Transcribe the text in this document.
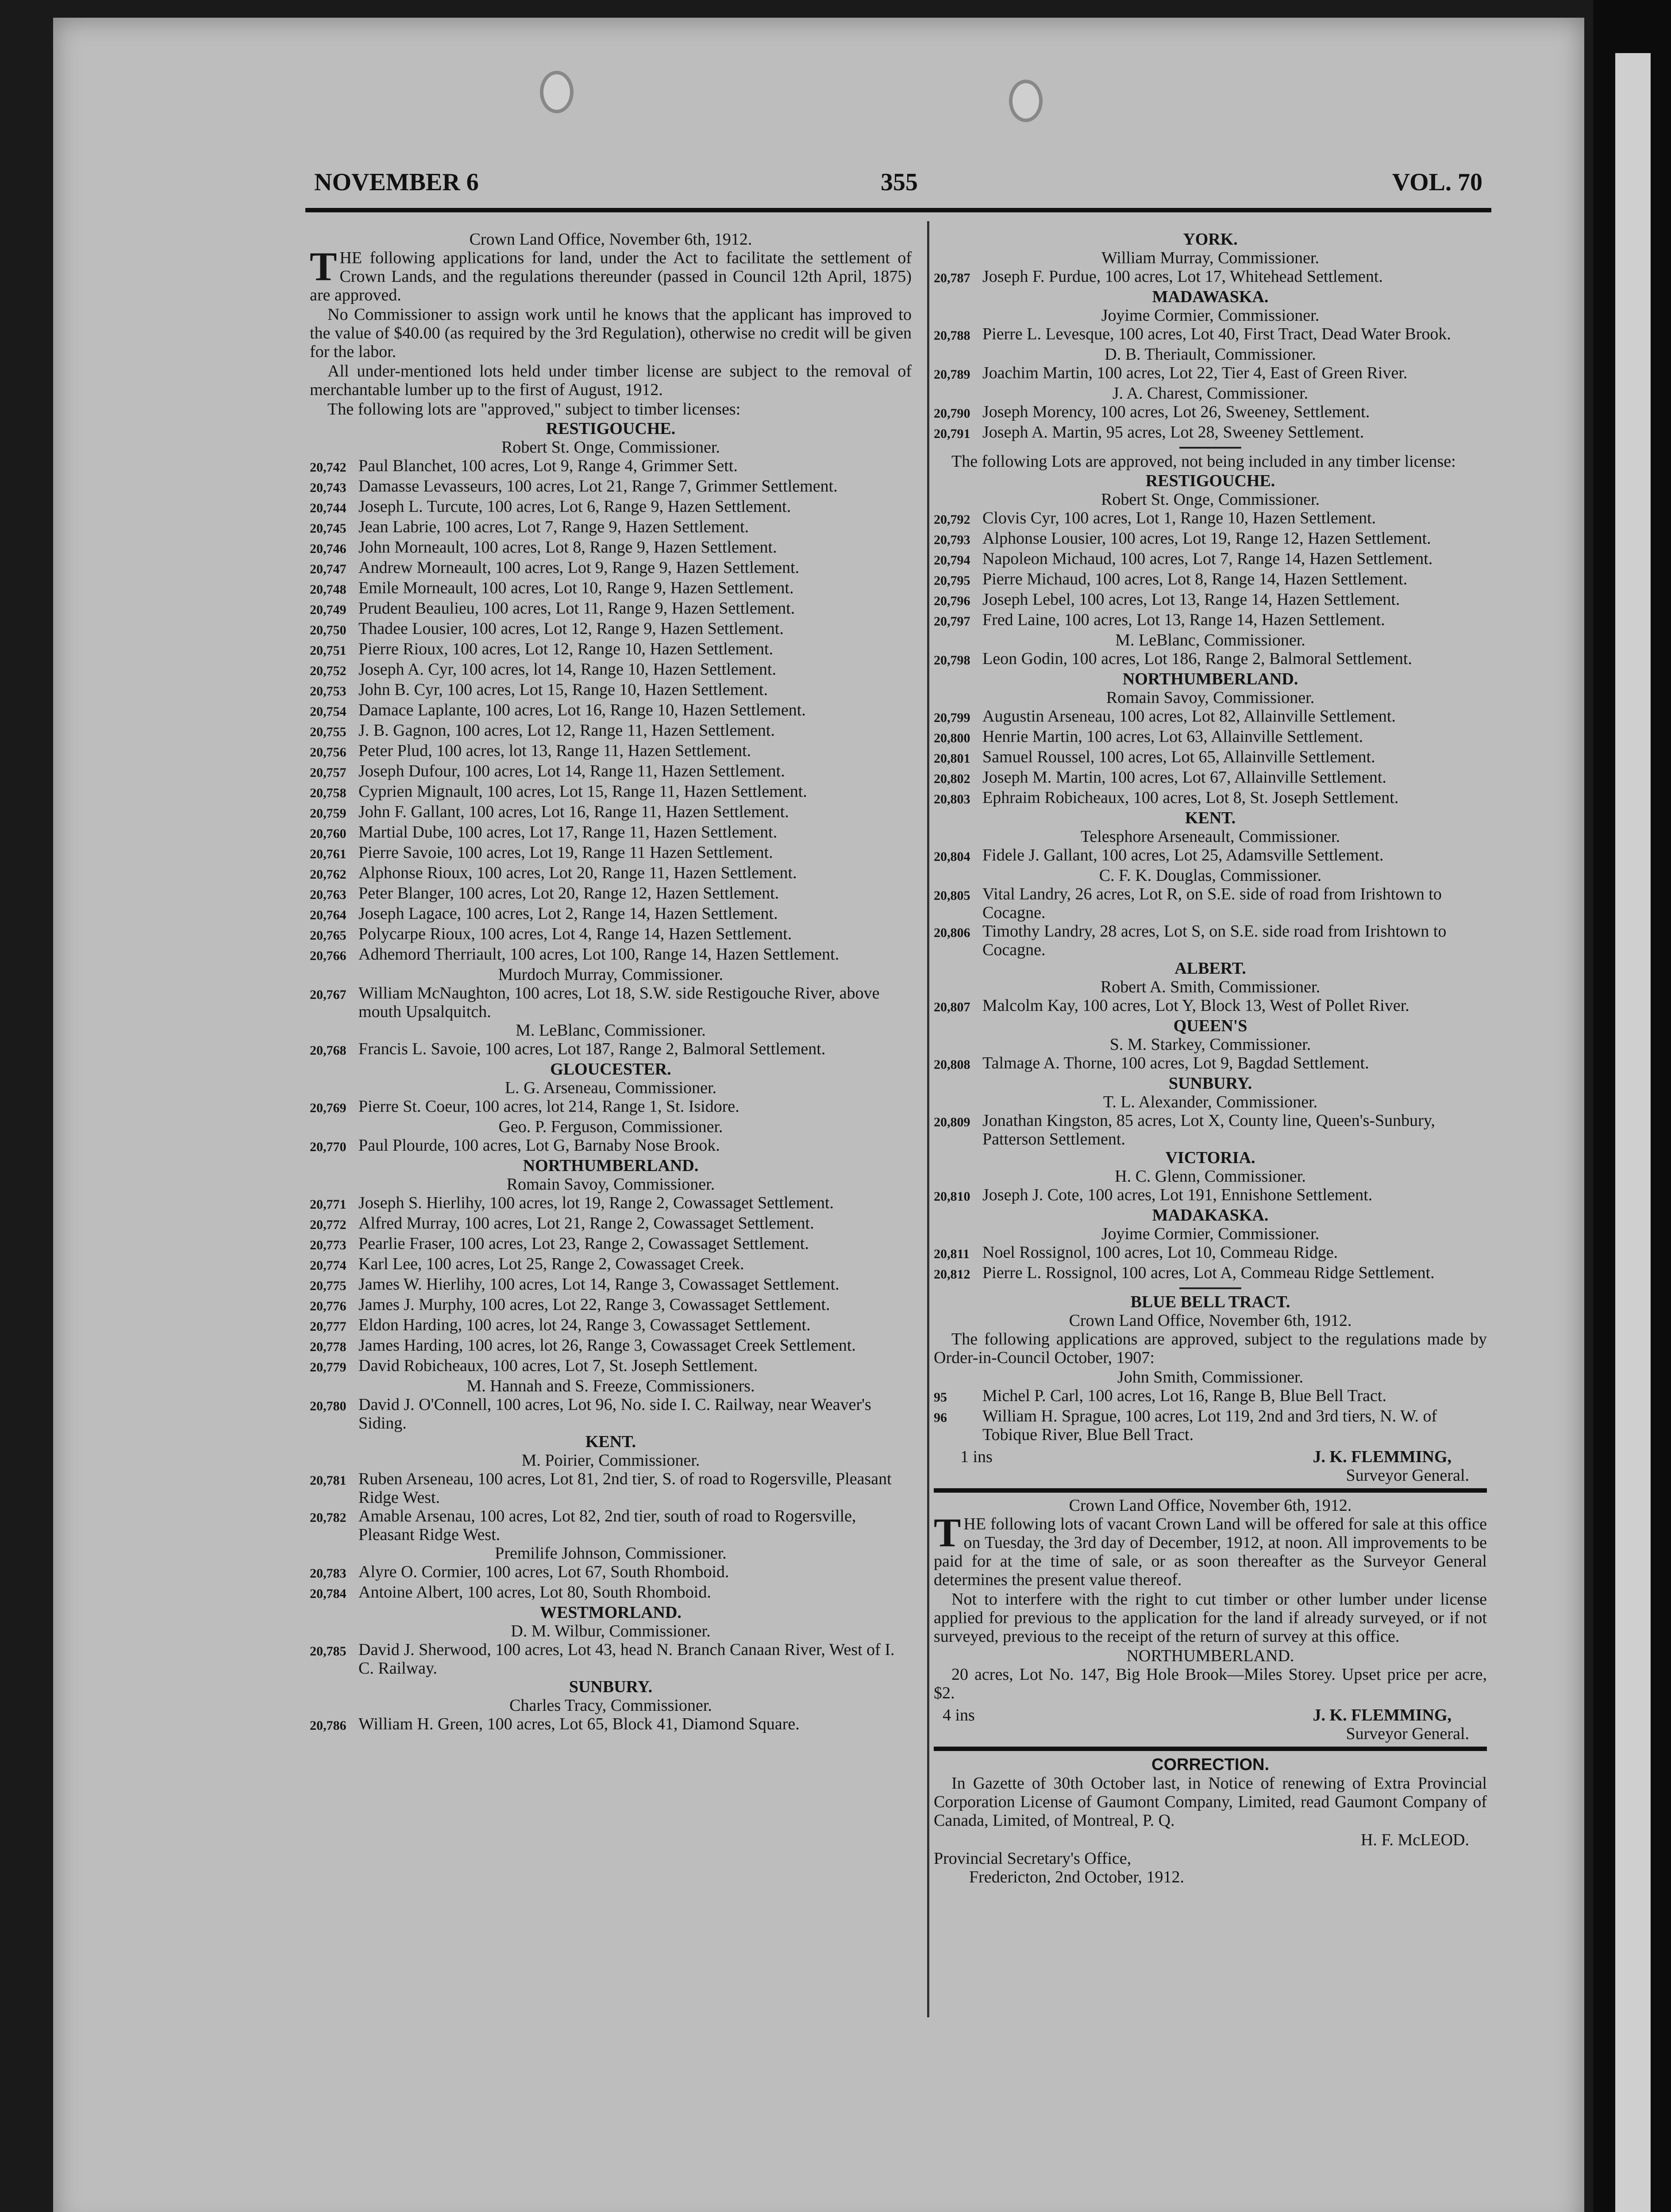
NOVEMBER 6	355	VOL. 70
Crown Land Office, November 6th, 1912.

THE following applications for land, under the Act to facilitate the settlement of Crown Lands, and the regulations thereunder (passed in Council 12th April, 1875) are approved.

No Commissioner to assign work until he knows that the applicant has improved to the value of $40.00 (as required by the 3rd Regulation), otherwise no credit will be given for the labor.

All under-mentioned lots held under timber license are subject to the removal of merchantable lumber up to the first of August, 1912.

The following lots are "approved," subject to timber licenses:

RESTIGOUCHE.
Robert St. Onge, Commissioner.
20,742 Paul Blanchet, 100 acres, Lot 9, Range 4, Grimmer Sett.
20,743 Damasse Levasseurs, 100 acres, Lot 21, Range 7, Grimmer Settlement.
20,744 Joseph L. Turcute, 100 acres, Lot 6, Range 9, Hazen Settlement.
20,745 Jean Labrie, 100 acres, Lot 7, Range 9, Hazen Settlement.
20,746 John Morneault, 100 acres, Lot 8, Range 9, Hazen Settlement.
20,747 Andrew Morneault, 100 acres, Lot 9, Range 9, Hazen Settlement.
20,748 Emile Morneault, 100 acres, Lot 10, Range 9, Hazen Settlement.
20,749 Prudent Beaulieu, 100 acres, Lot 11, Range 9, Hazen Settlement.
20,750 Thadee Lousier, 100 acres, Lot 12, Range 9, Hazen Settlement.
20,751 Pierre Rioux, 100 acres, Lot 12, Range 10, Hazen Settlement.
20,752 Joseph A. Cyr, 100 acres, lot 14, Range 10, Hazen Settlement.
20,753 John B. Cyr, 100 acres, Lot 15, Range 10, Hazen Settlement.
20,754 Damace Laplante, 100 acres, Lot 16, Range 10, Hazen Settlement.
20,755 J. B. Gagnon, 100 acres, Lot 12, Range 11, Hazen Settlement.
20,756 Peter Plud, 100 acres, lot 13, Range 11, Hazen Settlement.
20,757 Joseph Dufour, 100 acres, Lot 14, Range 11, Hazen Settlement.
20,758 Cyprien Mignault, 100 acres, Lot 15, Range 11, Hazen Settlement.
20,759 John F. Gallant, 100 acres, Lot 16, Range 11, Hazen Settlement.
20,760 Martial Dube, 100 acres, Lot 17, Range 11, Hazen Settlement.
20,761 Pierre Savoie, 100 acres, Lot 19, Range 11 Hazen Settlement.
20,762 Alphonse Rioux, 100 acres, Lot 20, Range 11, Hazen Settlement.
20,763 Peter Blanger, 100 acres, Lot 20, Range 12, Hazen Settlement.
20,764 Joseph Lagace, 100 acres, Lot 2, Range 14, Hazen Settlement.
20,765 Polycarpe Rioux, 100 acres, Lot 4, Range 14, Hazen Settlement.
20,766 Adhemord Therriault, 100 acres, Lot 100, Range 14, Hazen Settlement.
Murdoch Murray, Commissioner.
20,767 William McNaughton, 100 acres, Lot 18, S.W. side Restigouche River, above mouth Upsalquitch.
M. LeBlanc, Commissioner.
20,768 Francis L. Savoie, 100 acres, Lot 187, Range 2, Balmoral Settlement.
GLOUCESTER.
L. G. Arseneau, Commissioner.
20,769 Pierre St. Coeur, 100 acres, lot 214, Range 1, St. Isidore.
Geo. P. Ferguson, Commissioner.
20,770 Paul Plourde, 100 acres, Lot G, Barnaby Nose Brook.
NORTHUMBERLAND.
Romain Savoy, Commissioner.
20,771 Joseph S. Hierlihy, 100 acres, lot 19, Range 2, Cowassaget Settlement.
20,772 Alfred Murray, 100 acres, Lot 21, Range 2, Cowassaget Settlement.
20,773 Pearlie Fraser, 100 acres, Lot 23, Range 2, Cowassaget Settlement.
20,774 Karl Lee, 100 acres, Lot 25, Range 2, Cowassaget Creek.
20,775 James W. Hierlihy, 100 acres, Lot 14, Range 3, Cowassaget Settlement.
20,776 James J. Murphy, 100 acres, Lot 22, Range 3, Cowassaget Settlement.
20,777 Eldon Harding, 100 acres, lot 24, Range 3, Cowassaget Settlement.
20,778 James Harding, 100 acres, lot 26, Range 3, Cowassaget Creek Settlement.
20,779 David Robicheaux, 100 acres, Lot 7, St. Joseph Settlement.
M. Hannah and S. Freeze, Commissioners.
20,780 David J. O'Connell, 100 acres, Lot 96, No. side I. C. Railway, near Weaver's Siding.
KENT.
M. Poirier, Commissioner.
20,781 Ruben Arseneau, 100 acres, Lot 81, 2nd tier, S. of road to Rogersville, Pleasant Ridge West.
20,782 Amable Arsenau, 100 acres, Lot 82, 2nd tier, south of road to Rogersville, Pleasant Ridge West.
Premilife Johnson, Commissioner.
20,783 Alyre O. Cormier, 100 acres, Lot 67, South Rhomboid.
20,784 Antoine Albert, 100 acres, Lot 80, South Rhomboid.
WESTMORLAND.
D. M. Wilbur, Commissioner.
20,785 David J. Sherwood, 100 acres, Lot 43, head N. Branch Canaan River, West of I. C. Railway.
SUNBURY.
Charles Tracy, Commissioner.
20,786 William H. Green, 100 acres, Lot 65, Block 41, Diamond Square.
YORK.
William Murray, Commissioner.
20,787 Joseph F. Purdue, 100 acres, Lot 17, Whitehead Settlement.
MADAWASKA.
Joyime Cormier, Commissioner.
20,788 Pierre L. Levesque, 100 acres, Lot 40, First Tract, Dead Water Brook.
D. B. Theriault, Commissioner.
20,789 Joachim Martin, 100 acres, Lot 22, Tier 4, East of Green River.
J. A. Charest, Commissioner.
20,790 Joseph Morency, 100 acres, Lot 26, Sweeney, Settlement.
20,791 Joseph A. Martin, 95 acres, Lot 28, Sweeney Settlement.

The following Lots are approved, not being included in any timber license:

RESTIGOUCHE.
Robert St. Onge, Commissioner.
20,792 Clovis Cyr, 100 acres, Lot 1, Range 10, Hazen Settlement.
20,793 Alphonse Lousier, 100 acres, Lot 19, Range 12, Hazen Settlement.
20,794 Napoleon Michaud, 100 acres, Lot 7, Range 14, Hazen Settlement.
20,795 Pierre Michaud, 100 acres, Lot 8, Range 14, Hazen Settlement.
20,796 Joseph Lebel, 100 acres, Lot 13, Range 14, Hazen Settlement.
20,797 Fred Laine, 100 acres, Lot 13, Range 14, Hazen Settlement.
M. LeBlanc, Commissioner.
20,798 Leon Godin, 100 acres, Lot 186, Range 2, Balmoral Settlement.
NORTHUMBERLAND.
Romain Savoy, Commissioner.
20,799 Augustin Arseneau, 100 acres, Lot 82, Allainville Settlement.
20,800 Henrie Martin, 100 acres, Lot 63, Allainville Settlement.
20,801 Samuel Roussel, 100 acres, Lot 65, Allainville Settlement.
20,802 Joseph M. Martin, 100 acres, Lot 67, Allainville Settlement.
20,803 Ephraim Robicheaux, 100 acres, Lot 8, St. Joseph Settlement.
KENT.
Telesphore Arseneault, Commissioner.
20,804 Fidele J. Gallant, 100 acres, Lot 25, Adamsville Settlement.
C. F. K. Douglas, Commissioner.
20,805 Vital Landry, 26 acres, Lot R, on S.E. side of road from Irishtown to Cocagne.
20,806 Timothy Landry, 28 acres, Lot S, on S.E. side road from Irishtown to Cocagne.
ALBERT.
Robert A. Smith, Commissioner.
20,807 Malcolm Kay, 100 acres, Lot Y, Block 13, West of Pollet River.
QUEEN'S
S. M. Starkey, Commissioner.
20,808 Talmage A. Thorne, 100 acres, Lot 9, Bagdad Settlement.
SUNBURY.
T. L. Alexander, Commissioner.
20,809 Jonathan Kingston, 85 acres, Lot X, County line, Queen's-Sunbury, Patterson Settlement.
VICTORIA.
H. C. Glenn, Commissioner.
20,810 Joseph J. Cote, 100 acres, Lot 191, Ennishone Settlement.
MADAKASKA.
Joyime Cormier, Commissioner.
20,811 Noel Rossignol, 100 acres, Lot 10, Commeau Ridge.
20,812 Pierre L. Rossignol, 100 acres, Lot A, Commeau Ridge Settlement.
BLUE BELL TRACT.
Crown Land Office, November 6th, 1912.

The following applications are approved, subject to the regulations made by Order-in-Council October, 1907:

John Smith, Commissioner.
95	Michel P. Carl, 100 acres, Lot 16, Range B, Blue Bell Tract.
96	William H. Sprague, 100 acres, Lot 119, 2nd and 3rd tiers, N. W. of Tobique River, Blue Bell Tract.
1 ins	J. K. FLEMMING,
Surveyor General.
Crown Land Office, November 6th, 1912.

THE following lots of vacant Crown Land will be offered for sale at this office on Tuesday, the 3rd day of December, 1912, at noon. All improvements to be paid for at the time of sale, or as soon thereafter as the Surveyor General determines the present value thereof.

Not to interfere with the right to cut timber or other lumber under license applied for previous to the application for the land if already surveyed, or if not surveyed, previous to the receipt of the return of survey at this office.

NORTHUMBERLAND.

20 acres, Lot No. 147, Big Hole Brook—Miles Storey. Upset price per acre, $2.

4 ins	J. K. FLEMMING,
Surveyor General.
CORRECTION.

In Gazette of 30th October last, in Notice of renewing of Extra Provincial Corporation License of Gaumont Company, Limited, read Gaumont Company of Canada, Limited, of Montreal, P. Q.

H. F. McLEOD.
Provincial Secretary's Office,
Fredericton, 2nd October, 1912.
